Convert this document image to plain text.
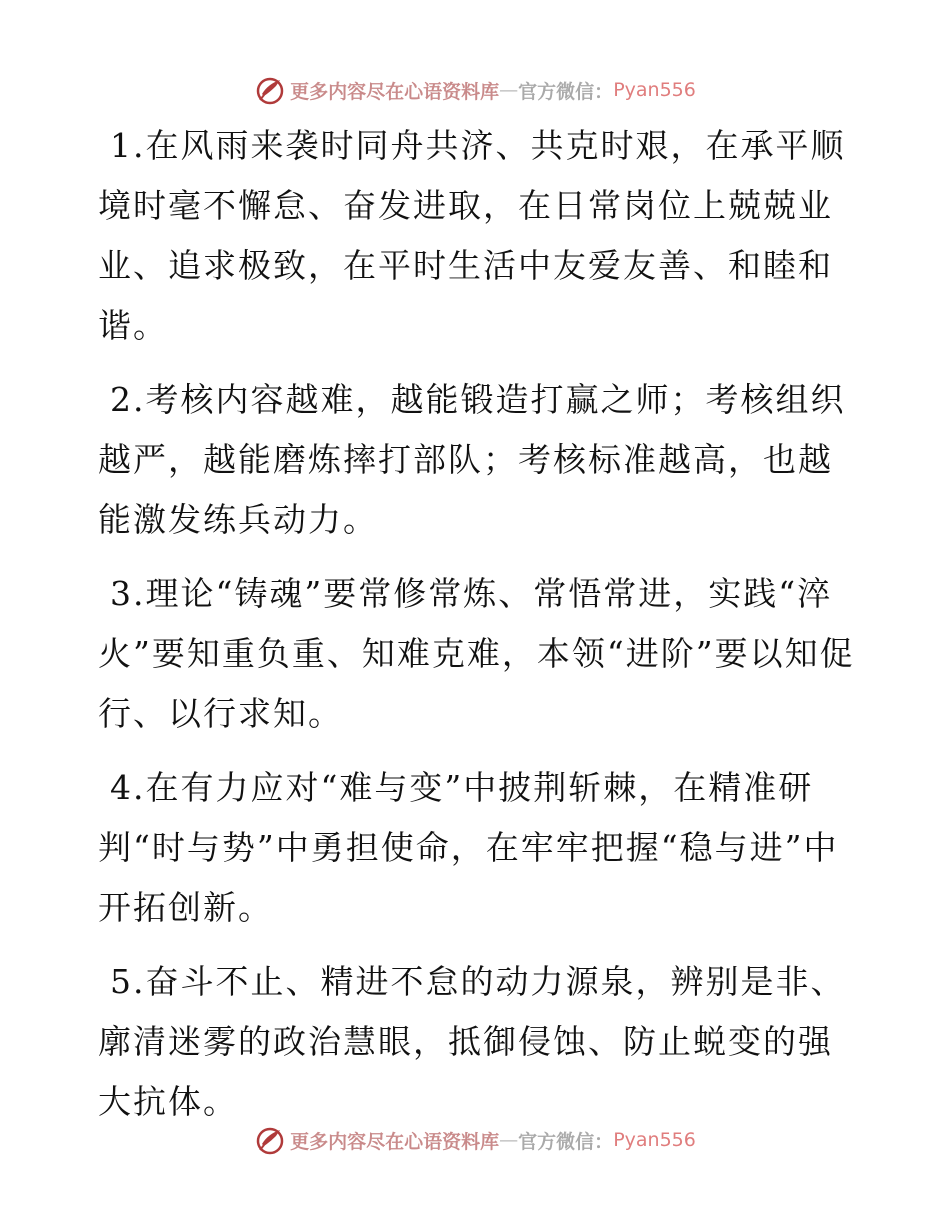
更多内容尽在心语资料库 — 官方微信： Pyan556

1.在风雨来袭时同舟共济、共克时艰，在承平顺境时毫不懈怠、奋发进取，在日常岗位上兢兢业业、追求极致，在平时生活中友爱友善、和睦和谐。

2.考核内容越难，越能锻造打赢之师；考核组织越严，越能磨炼摔打部队；考核标准越高，也越能激发练兵动力。

3.理论“铸魂”要常修常炼、常悟常进，实践“淬火”要知重负重、知难克难，本领“进阶”要以知促行、以行求知。

4.在有力应对“难与变”中披荆斩棘，在精准研判“时与势”中勇担使命，在牢牢把握“稳与进”中开拓创新。

5.奋斗不止、精进不怠的动力源泉，辨别是非、廓清迷雾的政治慧眼，抵御侵蚀、防止蜕变的强大抗体。

更多内容尽在心语资料库 — 官方微信： Pyan556
